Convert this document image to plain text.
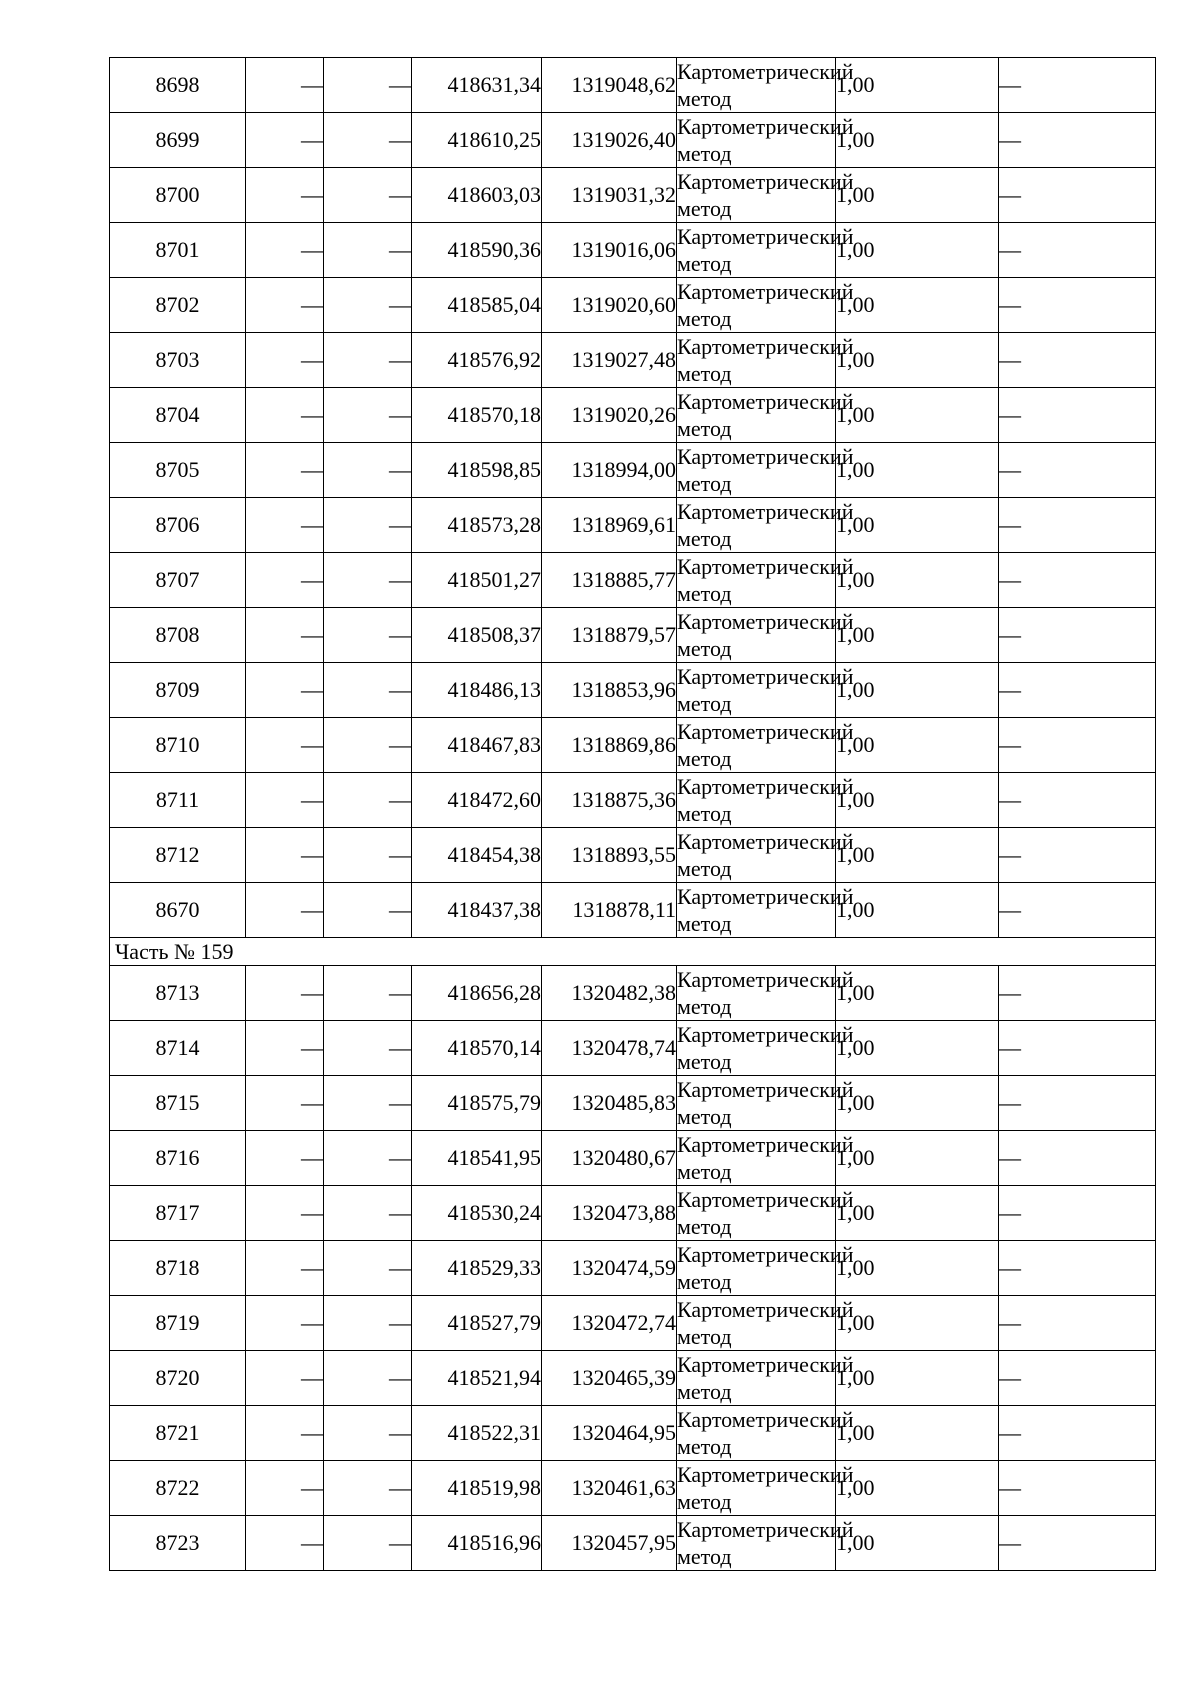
8698	—	—	418631,34	1319048,62	Картометрический метод	1,00	—
8699	—	—	418610,25	1319026,40	Картометрический метод	1,00	—
8700	—	—	418603,03	1319031,32	Картометрический метод	1,00	—
8701	—	—	418590,36	1319016,06	Картометрический метод	1,00	—
8702	—	—	418585,04	1319020,60	Картометрический метод	1,00	—
8703	—	—	418576,92	1319027,48	Картометрический метод	1,00	—
8704	—	—	418570,18	1319020,26	Картометрический метод	1,00	—
8705	—	—	418598,85	1318994,00	Картометрический метод	1,00	—
8706	—	—	418573,28	1318969,61	Картометрический метод	1,00	—
8707	—	—	418501,27	1318885,77	Картометрический метод	1,00	—
8708	—	—	418508,37	1318879,57	Картометрический метод	1,00	—
8709	—	—	418486,13	1318853,96	Картометрический метод	1,00	—
8710	—	—	418467,83	1318869,86	Картометрический метод	1,00	—
8711	—	—	418472,60	1318875,36	Картометрический метод	1,00	—
8712	—	—	418454,38	1318893,55	Картометрический метод	1,00	—
8670	—	—	418437,38	1318878,11	Картометрический метод	1,00	—
Часть № 159							
8713	—	—	418656,28	1320482,38	Картометрический метод	1,00	—
8714	—	—	418570,14	1320478,74	Картометрический метод	1,00	—
8715	—	—	418575,79	1320485,83	Картометрический метод	1,00	—
8716	—	—	418541,95	1320480,67	Картометрический метод	1,00	—
8717	—	—	418530,24	1320473,88	Картометрический метод	1,00	—
8718	—	—	418529,33	1320474,59	Картометрический метод	1,00	—
8719	—	—	418527,79	1320472,74	Картометрический метод	1,00	—
8720	—	—	418521,94	1320465,39	Картометрический метод	1,00	—
8721	—	—	418522,31	1320464,95	Картометрический метод	1,00	—
8722	—	—	418519,98	1320461,63	Картометрический метод	1,00	—
8723	—	—	418516,96	1320457,95	Картометрический метод	1,00	—
